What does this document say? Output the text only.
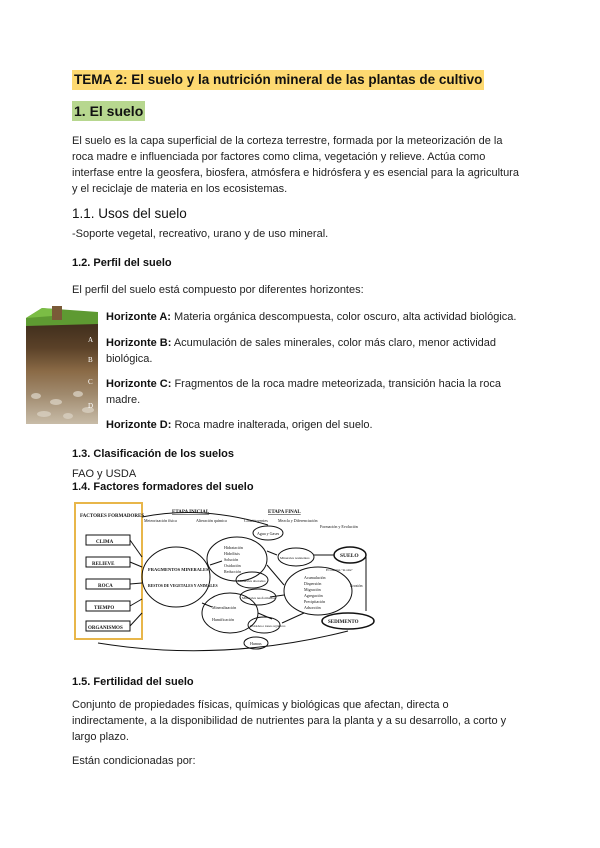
TEMA 2: El suelo y la nutrición mineral de las plantas de cultivo
1. El suelo
El suelo es la capa superficial de la corteza terrestre, formada por la meteorización de la
roca madre e influenciada por factores como clima, vegetación y relieve. Actúa como
interfase entre la geosfera, biosfera, atmósfera e hidrósfera y es esencial para la agricultura
y el reciclaje de materia en los ecosistemas.
1.1. Usos del suelo
-Soporte vegetal, recreativo, urano y de uso mineral.
1.2. Perfil del suelo
El perfil del suelo está compuesto por diferentes horizontes:
A
B
C
D
Horizonte A: Materia orgánica descompuesta, color oscuro, alta actividad biológica.
Horizonte B: Acumulación de sales minerales, color más claro, menor actividad
biológica.
Horizonte C: Fragmentos de la roca madre meteorizada, transición hacia la roca
madre.
Horizonte D: Roca madre inalterada, origen del suelo.
1.3. Clasificación de los suelos
FAO y USDA
1.4. Factores formadores del suelo
FACTORES FORMADORES
CLIMA
RELIEVE
ROCA
TIEMPO
ORGANISMOS
ETAPA INICIAL	ETAPA FINAL
Meteorización física	Alteración química	Constituyentes	Mezcla y Diferenciación
Formación y Evolución
FRAGMENTOS MINERALES
RESTOS DE VEGETALES Y ANIMALES
Hidratación
Hidrólisis
Solución
Oxidación
Reducción
Agua y Gases
Minerales resistentes
Minerales alterados
Minerales neoformados
Acumulación
Dispersión
Migración
Agregación
Precipitación
Adsorción
Evolución "in situ"
Erosión
SUELO
SEDIMENTO
Mineralización
Humificación
Coloides e iones orgánicos
Humus
1.5. Fertilidad del suelo
Conjunto de propiedades físicas, químicas y biológicas que afectan, directa o
indirectamente, a la disponibilidad de nutrientes para la planta y a su desarrollo, a corto y
largo plazo.
Están condicionadas por:
